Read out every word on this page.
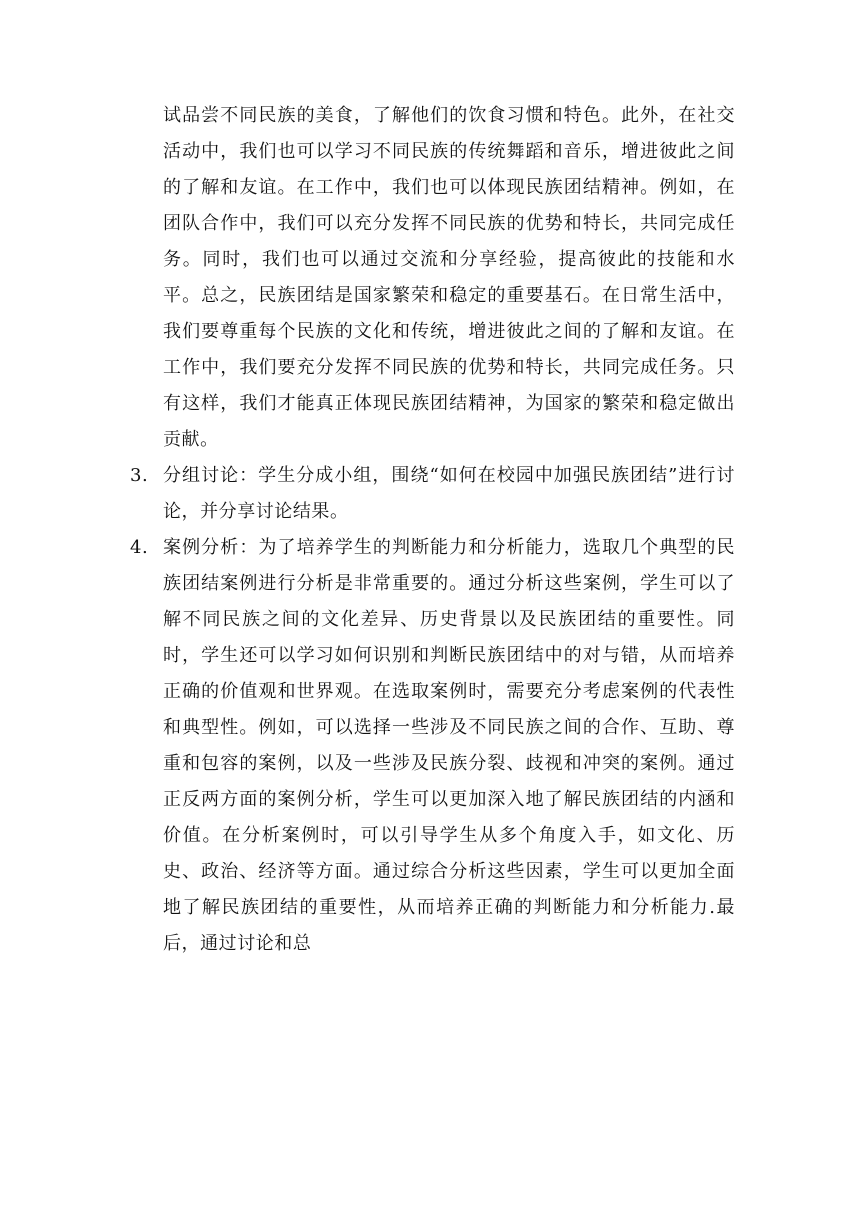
试品尝不同民族的美食，了解他们的饮食习惯和特色。此外，在社交活动中，我们也可以学习不同民族的传统舞蹈和音乐，增进彼此之间的了解和友谊。在工作中，我们也可以体现民族团结精神。例如，在团队合作中，我们可以充分发挥不同民族的优势和特长，共同完成任务。同时，我们也可以通过交流和分享经验，提高彼此的技能和水平。总之，民族团结是国家繁荣和稳定的重要基石。在日常生活中，我们要尊重每个民族的文化和传统，增进彼此之间的了解和友谊。在工作中，我们要充分发挥不同民族的优势和特长，共同完成任务。只有这样，我们才能真正体现民族团结精神，为国家的繁荣和稳定做出贡献。

3. 分组讨论：学生分成小组，围绕“如何在校园中加强民族团结”进行讨论，并分享讨论结果。
4. 案例分析：为了培养学生的判断能力和分析能力，选取几个典型的民族团结案例进行分析是非常重要的。通过分析这些案例，学生可以了解不同民族之间的文化差异、历史背景以及民族团结的重要性。同时，学生还可以学习如何识别和判断民族团结中的对与错，从而培养正确的价值观和世界观。在选取案例时，需要充分考虑案例的代表性和典型性。例如，可以选择一些涉及不同民族之间的合作、互助、尊重和包容的案例，以及一些涉及民族分裂、歧视和冲突的案例。通过正反两方面的案例分析，学生可以更加深入地了解民族团结的内涵和价值。在分析案例时，可以引导学生从多个角度入手，如文化、历史、政治、经济等方面。通过综合分析这些因素，学生可以更加全面地了解民族团结的重要性，从而培养正确的判断能力和分析能力.最后，通过讨论和总
